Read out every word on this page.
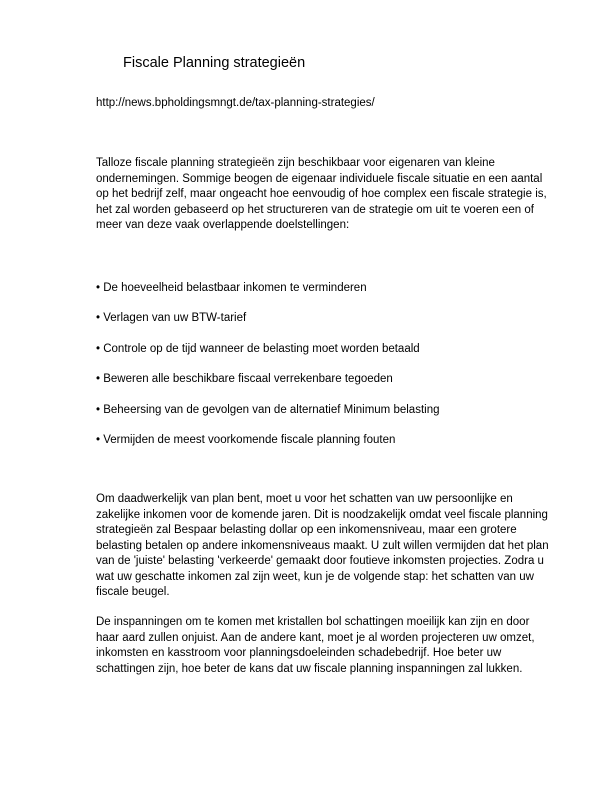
Fiscale Planning strategieën
http://news.bpholdingsmngt.de/tax-planning-strategies/
Talloze fiscale planning strategieën zijn beschikbaar voor eigenaren van kleine
ondernemingen. Sommige beogen de eigenaar individuele fiscale situatie en een aantal
op het bedrijf zelf, maar ongeacht hoe eenvoudig of hoe complex een fiscale strategie is,
het zal worden gebaseerd op het structureren van de strategie om uit te voeren een of
meer van deze vaak overlappende doelstellingen:
• De hoeveelheid belastbaar inkomen te verminderen
• Verlagen van uw BTW-tarief
• Controle op de tijd wanneer de belasting moet worden betaald
• Beweren alle beschikbare fiscaal verrekenbare tegoeden
• Beheersing van de gevolgen van de alternatief Minimum belasting
• Vermijden de meest voorkomende fiscale planning fouten
Om daadwerkelijk van plan bent, moet u voor het schatten van uw persoonlijke en
zakelijke inkomen voor de komende jaren. Dit is noodzakelijk omdat veel fiscale planning
strategieën zal Bespaar belasting dollar op een inkomensniveau, maar een grotere
belasting betalen op andere inkomensniveaus maakt. U zult willen vermijden dat het plan
van de 'juiste' belasting 'verkeerde' gemaakt door foutieve inkomsten projecties. Zodra u
wat uw geschatte inkomen zal zijn weet, kun je de volgende stap: het schatten van uw
fiscale beugel.
De inspanningen om te komen met kristallen bol schattingen moeilijk kan zijn en door
haar aard zullen onjuist. Aan de andere kant, moet je al worden projecteren uw omzet,
inkomsten en kasstroom voor planningsdoeleinden schadebedrijf. Hoe beter uw
schattingen zijn, hoe beter de kans dat uw fiscale planning inspanningen zal lukken.
